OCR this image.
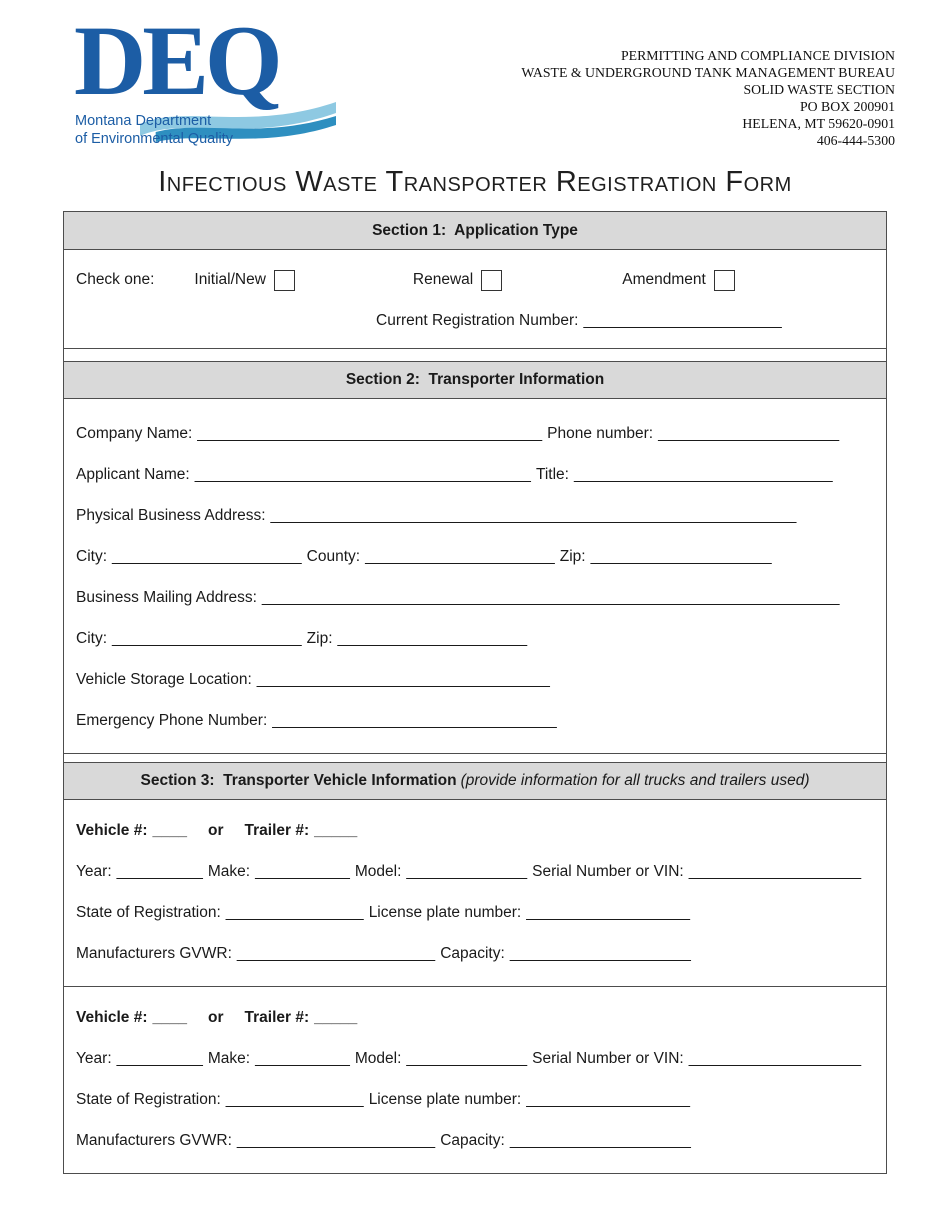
DEQ
Montana Department
of Environmental Quality
PERMITTING AND COMPLIANCE DIVISION
WASTE & UNDERGROUND TANK MANAGEMENT BUREAU
SOLID WASTE SECTION
PO BOX 200901
HELENA, MT 59620-0901
406-444-5300
Infectious Waste Transporter Registration Form
Section 1:  Application Type
Check one:	Initial/New	Renewal	Amendment
Current Registration Number: _______________________
Section 2:  Transporter Information
Company Name: ________________________________________ Phone number: _____________________
Applicant Name: _______________________________________ Title: ______________________________
Physical Business Address: _____________________________________________________________
City: ______________________ County: ______________________ Zip: _____________________
Business Mailing Address: ___________________________________________________________________
City: ______________________ Zip: ______________________
Vehicle Storage Location: __________________________________
Emergency Phone Number: _________________________________
Section 3:  Transporter Vehicle Information (provide information for all trucks and trailers used)
Vehicle #: ____ or Trailer #: _____
Year: __________ Make: ___________ Model: ______________ Serial Number or VIN: ____________________
State of Registration: ________________ License plate number: ___________________
Manufacturers GVWR: _______________________ Capacity: _____________________
Vehicle #: ____ or Trailer #: _____
Year: __________ Make: ___________ Model: ______________ Serial Number or VIN: ____________________
State of Registration: ________________ License plate number: ___________________
Manufacturers GVWR: _______________________ Capacity: _____________________
